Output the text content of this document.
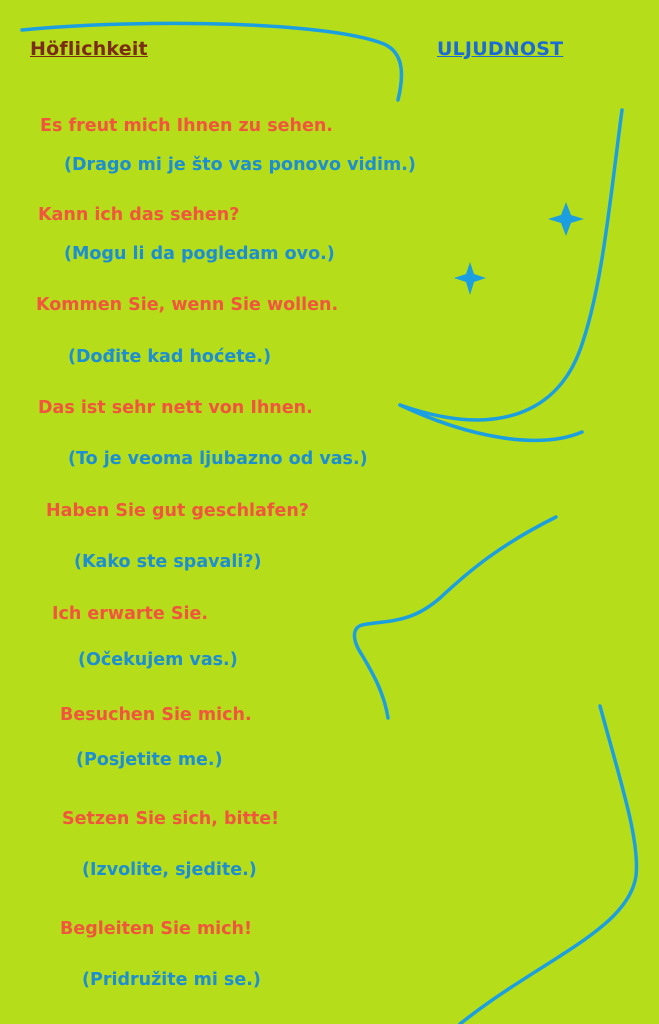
Höflichkeit	ULJUDNOST
Es freut mich Ihnen zu sehen.
(Drago mi je što vas ponovo vidim.)
Kann ich das sehen?
(Mogu li da pogledam ovo.)
Kommen Sie, wenn Sie wollen.
(Dođite kad hoćete.)
Das ist sehr nett von Ihnen.
(To je veoma ljubazno od vas.)
Haben Sie gut geschlafen?
(Kako ste spavali?)
Ich erwarte Sie.
(Očekujem vas.)
Besuchen Sie mich.
(Posjetite me.)
Setzen Sie sich, bitte!
(Izvolite, sjedite.)
Begleiten Sie mich!
(Pridružite mi se.)
